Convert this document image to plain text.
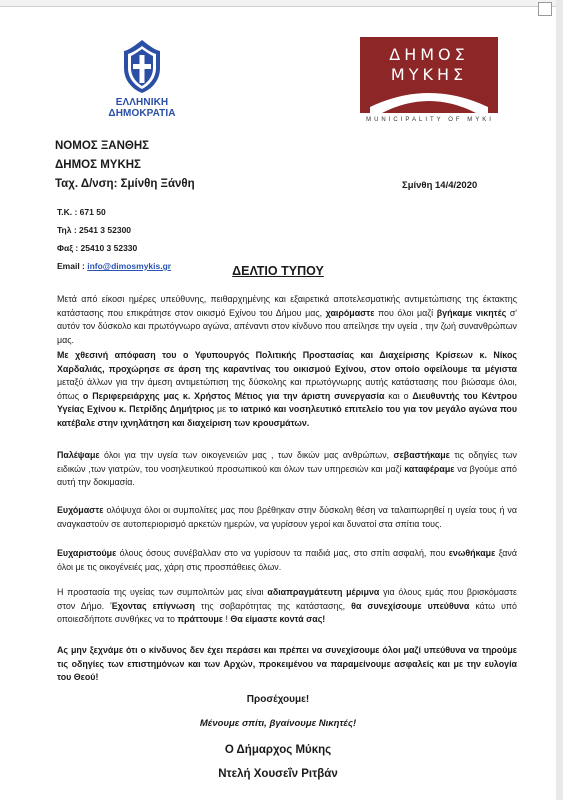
ΕΛΛΗΝΙΚΗ ΔΗΜΟΚΡΑΤΙΑ
ΔΗΜΟΣ
ΜΥΚΗΣ
MUNICIPALITY OF MYKI
ΝΟΜΟΣ ΞΑΝΘΗΣ
ΔΗΜΟΣ ΜΥΚΗΣ
Ταχ. Δ/νση: Σμίνθη Ξάνθη	Σμίνθη 14/4/2020
Τ.Κ. : 671 50
Τηλ : 2541 3 52300
Φαξ : 25410 3 52330
Email : info@dimosmykis.gr	ΔΕΛΤΙΟ ΤΥΠΟΥ
Μετά από είκοσι ημέρες υπεύθυνης, πειθαρχημένης και εξαιρετικά αποτελεσματικής αντιμετώπισης της έκτακτης κατάστασης που επικράτησε στον οικισμό Εχίνου του Δήμου μας, χαιρόμαστε που όλοι μαζί βγήκαμε νικητές σ' αυτόν τον δύσκολο και πρωτόγνωρο αγώνα, απέναντι στον κίνδυνο που απείλησε την υγεία , την ζωή συνανθρώπων μας.
Με χθεσινή απόφαση του ο Υφυπουργός Πολιτικής Προστασίας και Διαχείρισης Κρίσεων κ. Νίκος Χαρδαλιάς, προχώρησε σε άρση της καραντίνας του οικισμού Εχίνου, στον οποίο οφείλουμε τα μέγιστα μεταξύ άλλων για την άμεση αντιμετώπιση της δύσκολης και πρωτόγνωρης αυτής κατάστασης που βιώσαμε όλοι, όπως ο Περιφερειάρχης μας κ. Χρήστος Μέτιος για την άριστη συνεργασία και ο Διευθυντής του Κέντρου Υγείας Εχίνου κ. Πετρίδης Δημήτριος με το ιατρικό και νοσηλευτικό επιτελείο του για τον μεγάλο αγώνα που κατέβαλε στην ιχνηλάτηση και διαχείριση των κρουσμάτων.
Παλέψαμε όλοι για την υγεία των οικογενειών μας , των δικών μας ανθρώπων, σεβαστήκαμε τις οδηγίες των ειδικών ,των γιατρών, του νοσηλευτικού προσωπικού και όλων των υπηρεσιών και μαζί καταφέραμε να βγούμε από αυτή την δοκιμασία.
Ευχόμαστε ολόψυχα όλοι οι συμπολίτες μας που βρέθηκαν στην δύσκολη θέση να ταλαιπωρηθεί η υγεία τους ή να αναγκαστούν σε αυτοπεριορισμό αρκετών ημερών, να γυρίσουν γεροί και δυνατοί στα σπίτια τους.
Ευχαριστούμε όλους όσους συνέβαλλαν στο να γυρίσουν τα παιδιά μας, στο σπίτι ασφαλή, που ενωθήκαμε ξανά όλοι με τις οικογένειές μας, χάρη στις προσπάθειες όλων.
Η προστασία της υγείας των συμπολιτών μας είναι αδιαπραγμάτευτη μέριμνα για όλους εμάς που βρισκόμαστε στον Δήμο. Έχοντας επίγνωση της σοβαρότητας της κατάστασης, θα συνεχίσουμε υπεύθυνα κάτω υπό οποιεσδήποτε συνθήκες να το πράττουμε ! Θα είμαστε κοντά σας!
Ας μην ξεχνάμε ότι ο κίνδυνος δεν έχει περάσει και πρέπει να συνεχίσουμε όλοι μαζί υπεύθυνα να τηρούμε τις οδηγίες των επιστημόνων και των Αρχών, προκειμένου να παραμείνουμε ασφαλείς και με την ευλογία του Θεού!
Προσέχουμε!
Μένουμε σπίτι, βγαίνουμε Νικητές!
Ο Δήμαρχος Μύκης
Ντελή Χουσεΐν Ριτβάν
